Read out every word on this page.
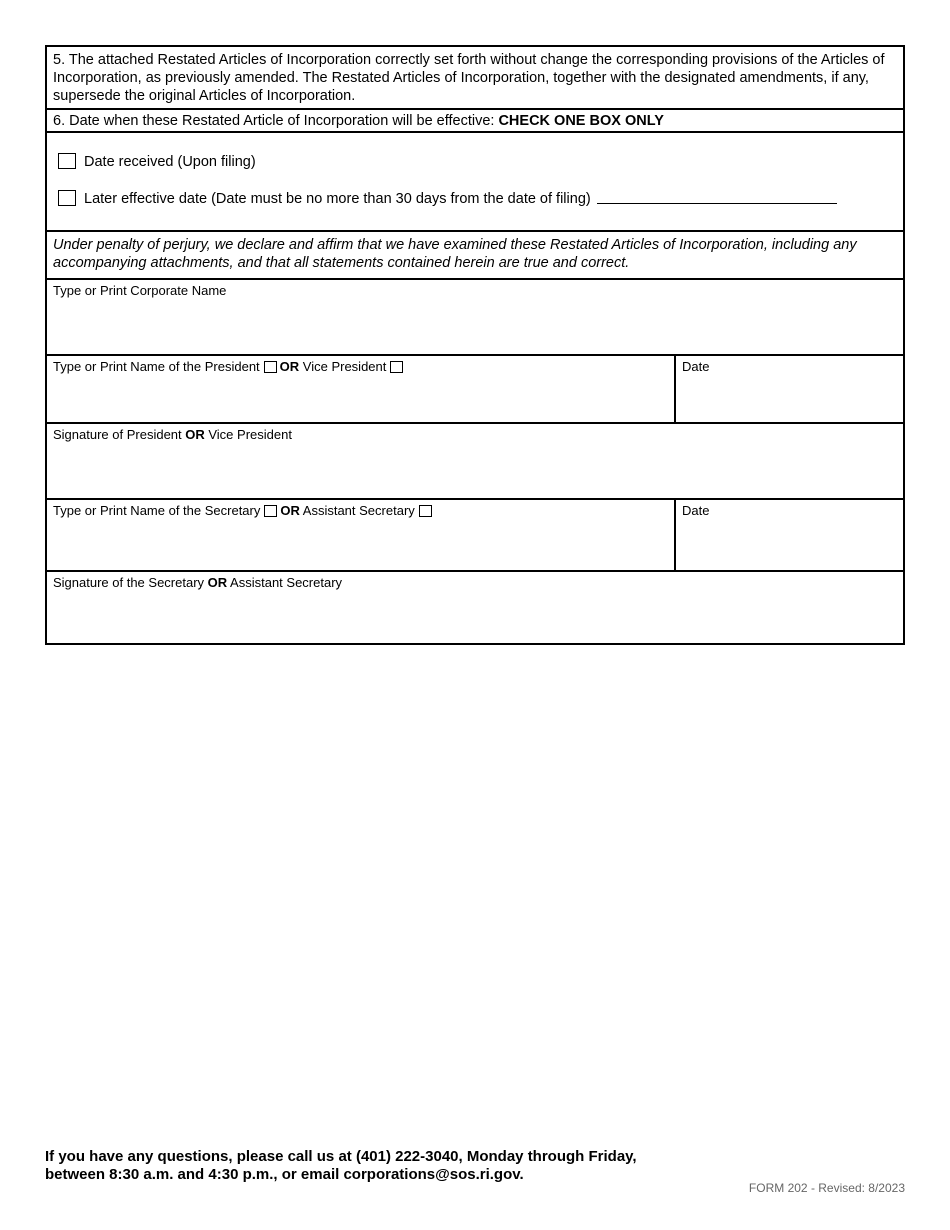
5. The attached Restated Articles of Incorporation correctly set forth without change the corresponding provisions of the Articles of Incorporation, as previously amended. The Restated Articles of Incorporation, together with the designated amendments, if any, supersede the original Articles of Incorporation.
6. Date when these Restated Article of Incorporation will be effective: CHECK ONE BOX ONLY
Date received (Upon filing)
Later effective date (Date must be no more than 30 days from the date of filing)
Under penalty of perjury, we declare and affirm that we have examined these Restated Articles of Incorporation, including any accompanying attachments, and that all statements contained herein are true and correct.
Type or Print Corporate Name
Type or Print Name of the President OR Vice President	Date
Signature of President OR Vice President
Type or Print Name of the Secretary OR Assistant Secretary	Date
Signature of the Secretary OR Assistant Secretary
If you have any questions, please call us at (401) 222-3040, Monday through Friday,
between 8:30 a.m. and 4:30 p.m., or email corporations@sos.ri.gov.
FORM 202 - Revised: 8/2023
